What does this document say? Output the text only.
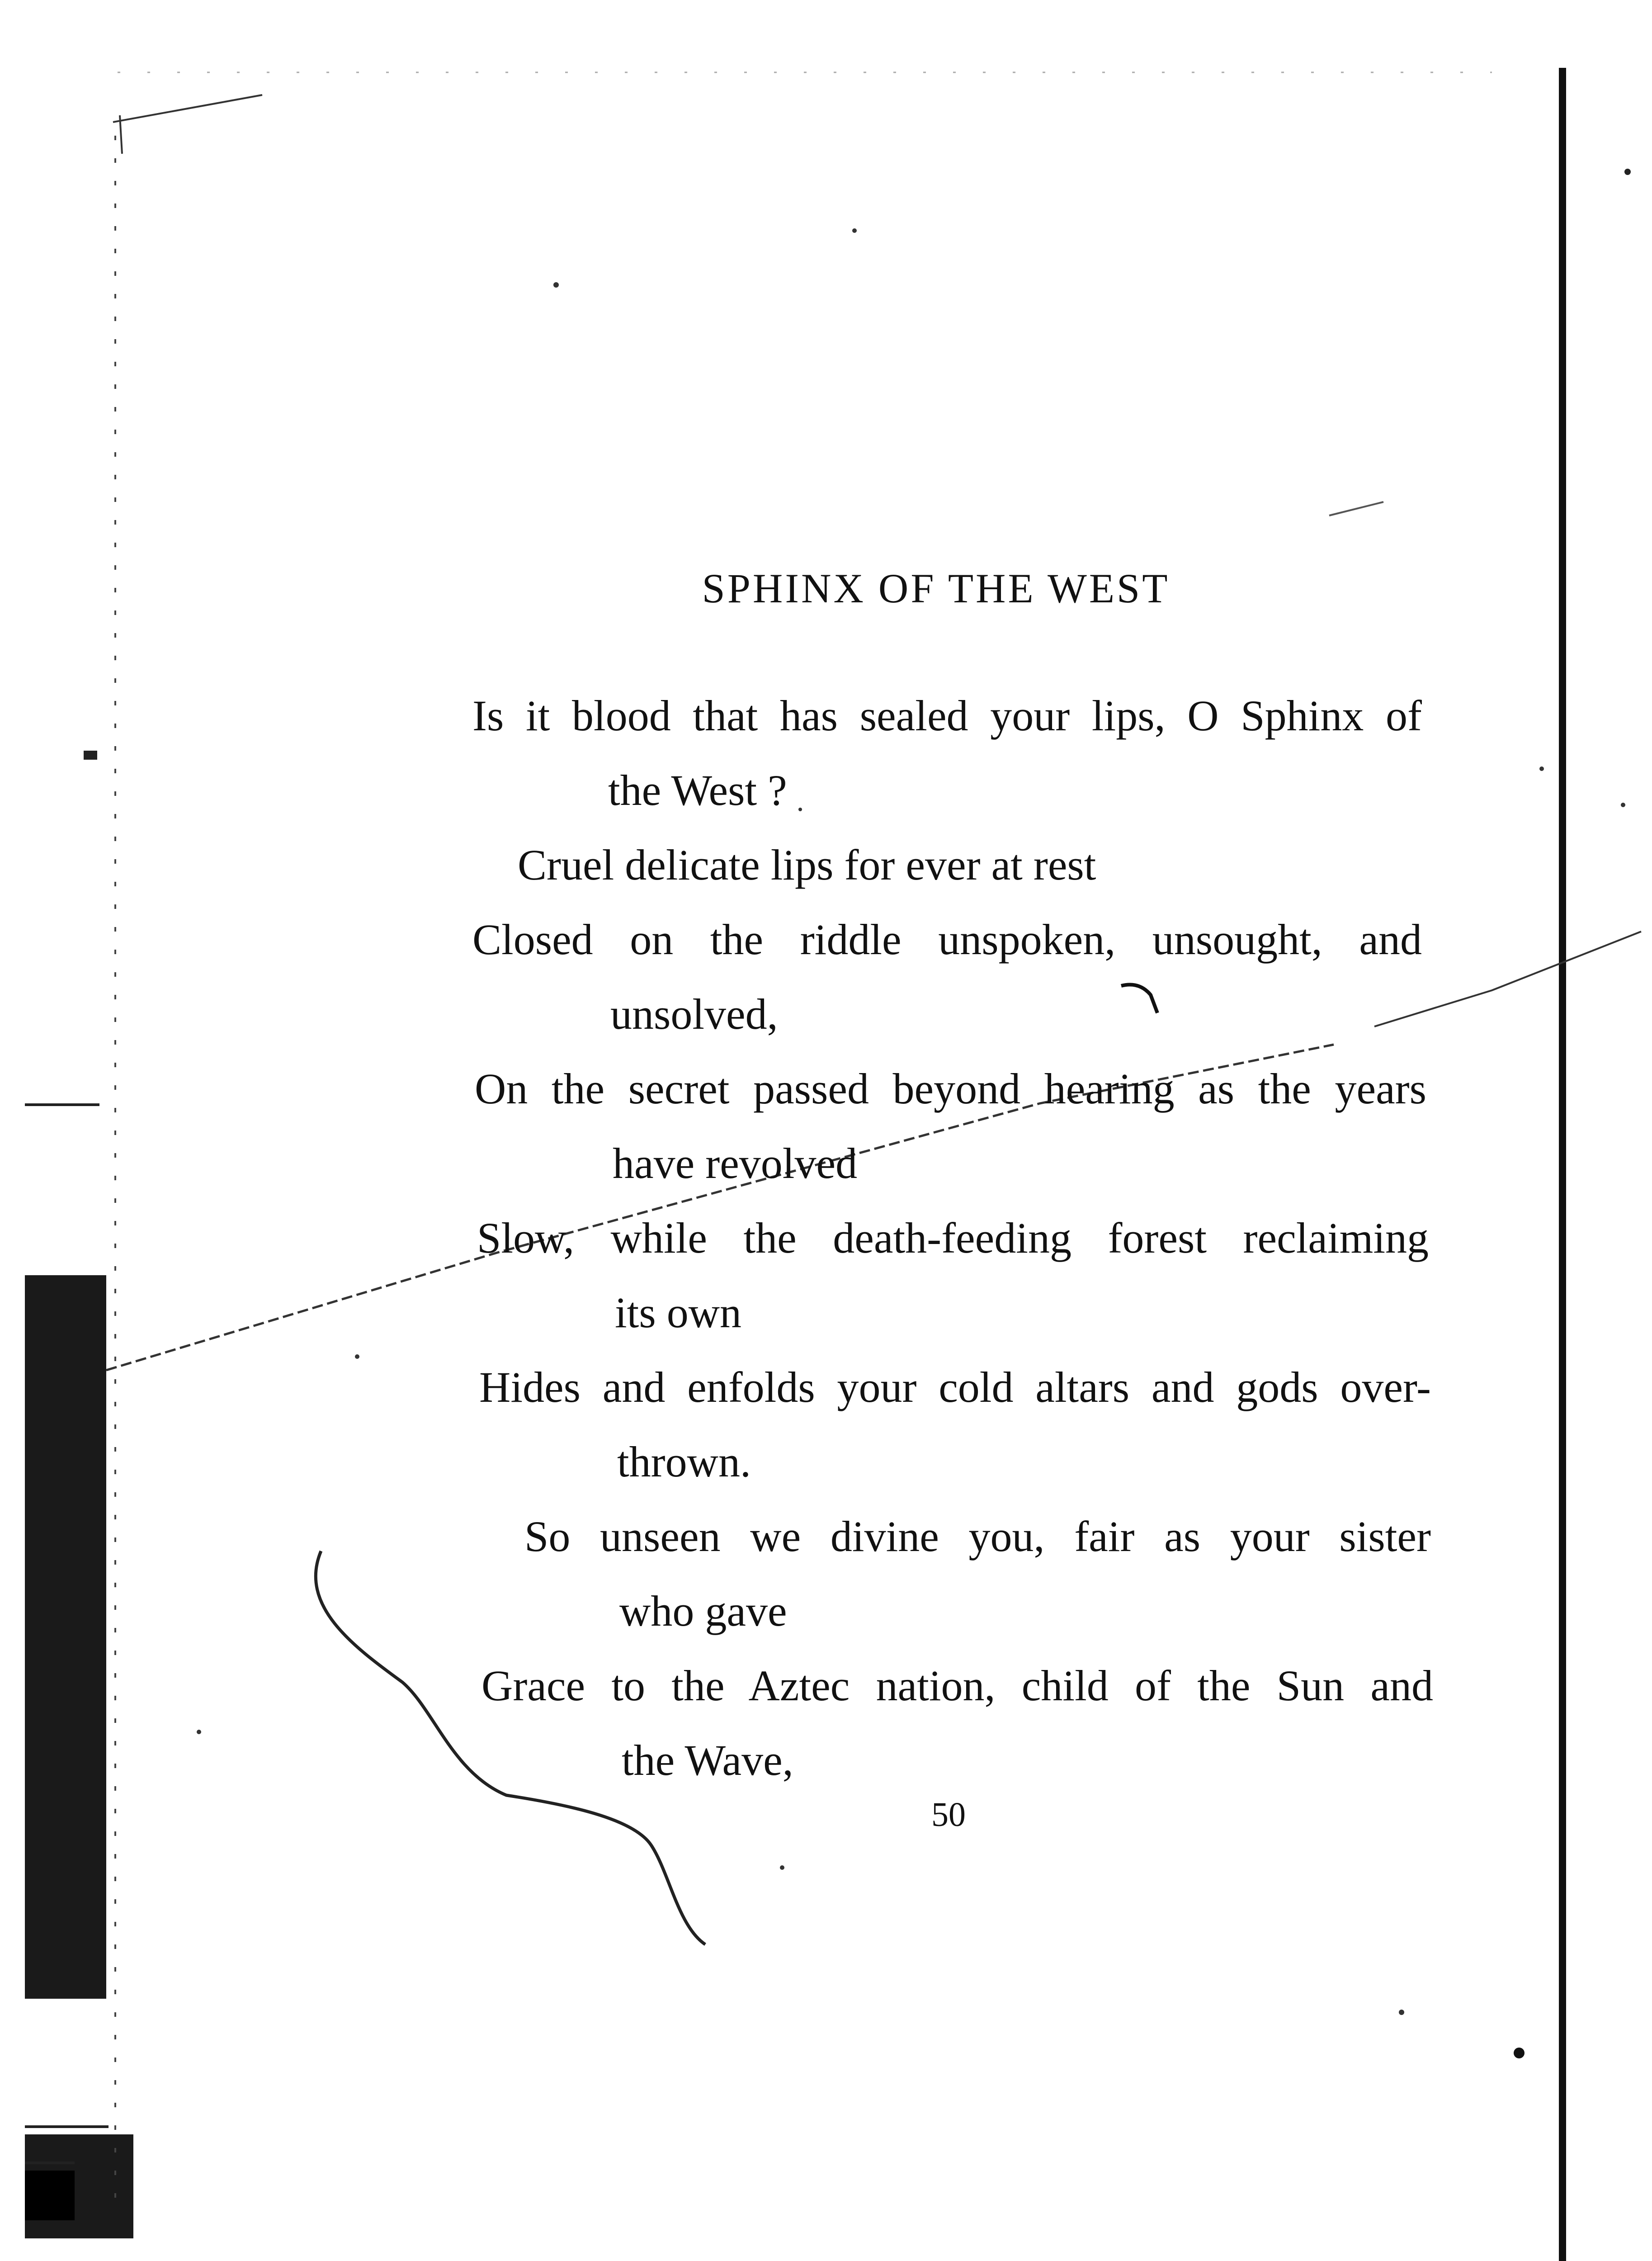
SPHINX OF THE WEST
Is it blood that has sealed your lips, O Sphinx of
the West ?
Cruel delicate lips for ever at rest
Closed on the riddle unspoken, unsought, and
unsolved,
On the secret passed beyond hearing as the years
have revolved
Slow, while the death-feeding forest reclaiming
its own
Hides and enfolds your cold altars and gods over-
thrown.
So unseen we divine you, fair as your sister
who gave
Grace to the Aztec nation, child of the Sun and
the Wave,
50
